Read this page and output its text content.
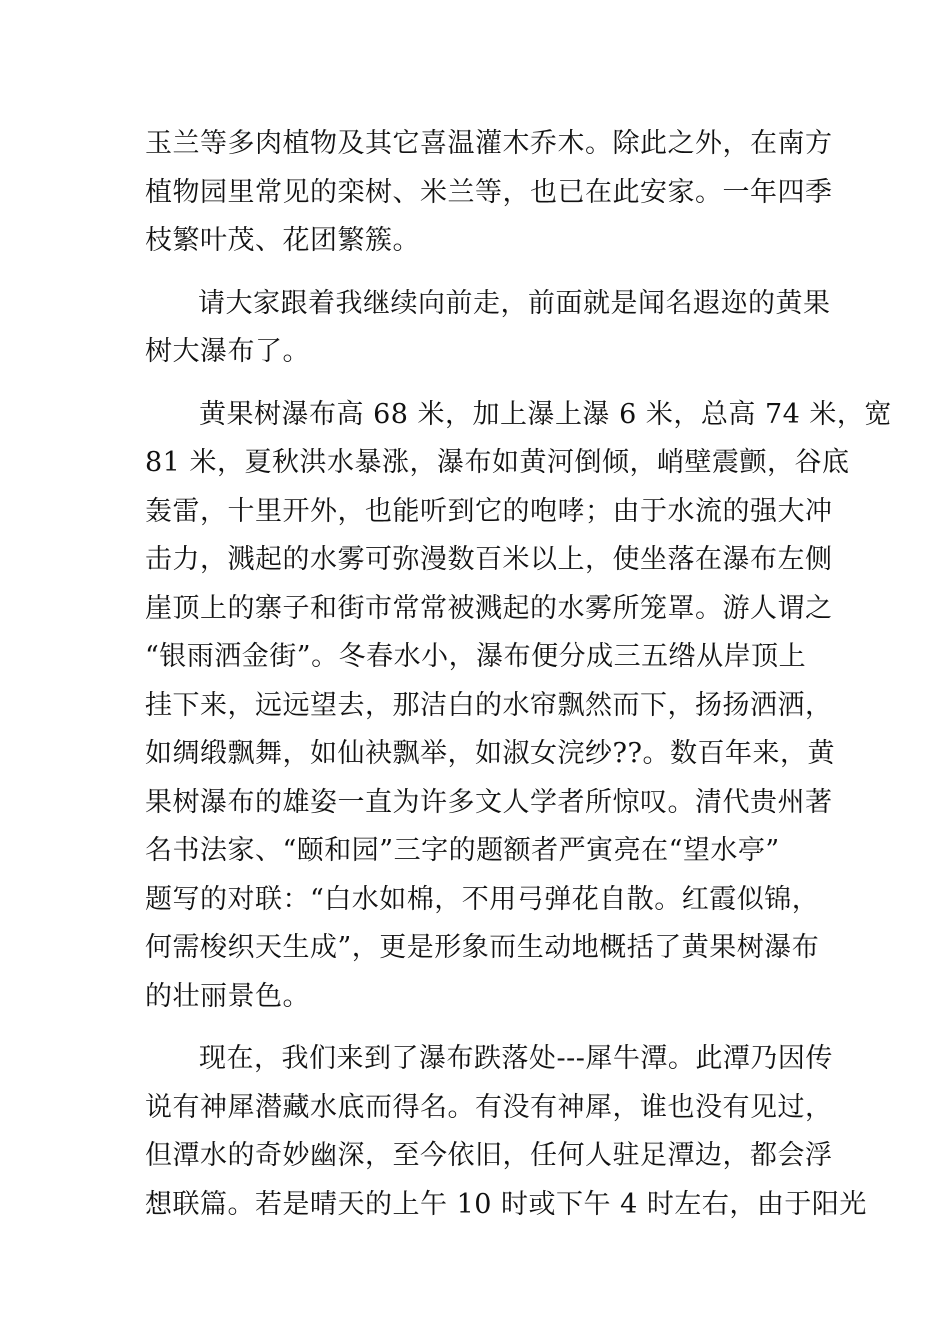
玉兰等多肉植物及其它喜温灌木乔木。除此之外，在南方
植物园里常见的栾树、米兰等，也已在此安家。一年四季
枝繁叶茂、花团繁簇。
请大家跟着我继续向前走，前面就是闻名遐迩的黄果
树大瀑布了。
黄果树瀑布高 68 米，加上瀑上瀑 6 米，总高 74 米，宽
81 米，夏秋洪水暴涨，瀑布如黄河倒倾，峭壁震颤，谷底
轰雷，十里开外，也能听到它的咆哮；由于水流的强大冲
击力，溅起的水雾可弥漫数百米以上，使坐落在瀑布左侧
崖顶上的寨子和街市常常被溅起的水雾所笼罩。游人谓之
“银雨洒金街”。冬春水小，瀑布便分成三五绺从岸顶上
挂下来，远远望去，那洁白的水帘飘然而下，扬扬洒洒，
如绸缎飘舞，如仙袂飘举，如淑女浣纱??。数百年来，黄
果树瀑布的雄姿一直为许多文人学者所惊叹。清代贵州著
名书法家、“颐和园”三字的题额者严寅亮在“望水亭”
题写的对联：“白水如棉，不用弓弹花自散。红霞似锦，
何需梭织天生成”，更是形象而生动地概括了黄果树瀑布
的壮丽景色。
现在，我们来到了瀑布跌落处---犀牛潭。此潭乃因传
说有神犀潜藏水底而得名。有没有神犀，谁也没有见过，
但潭水的奇妙幽深，至今依旧，任何人驻足潭边，都会浮
想联篇。若是晴天的上午 10 时或下午 4 时左右，由于阳光
